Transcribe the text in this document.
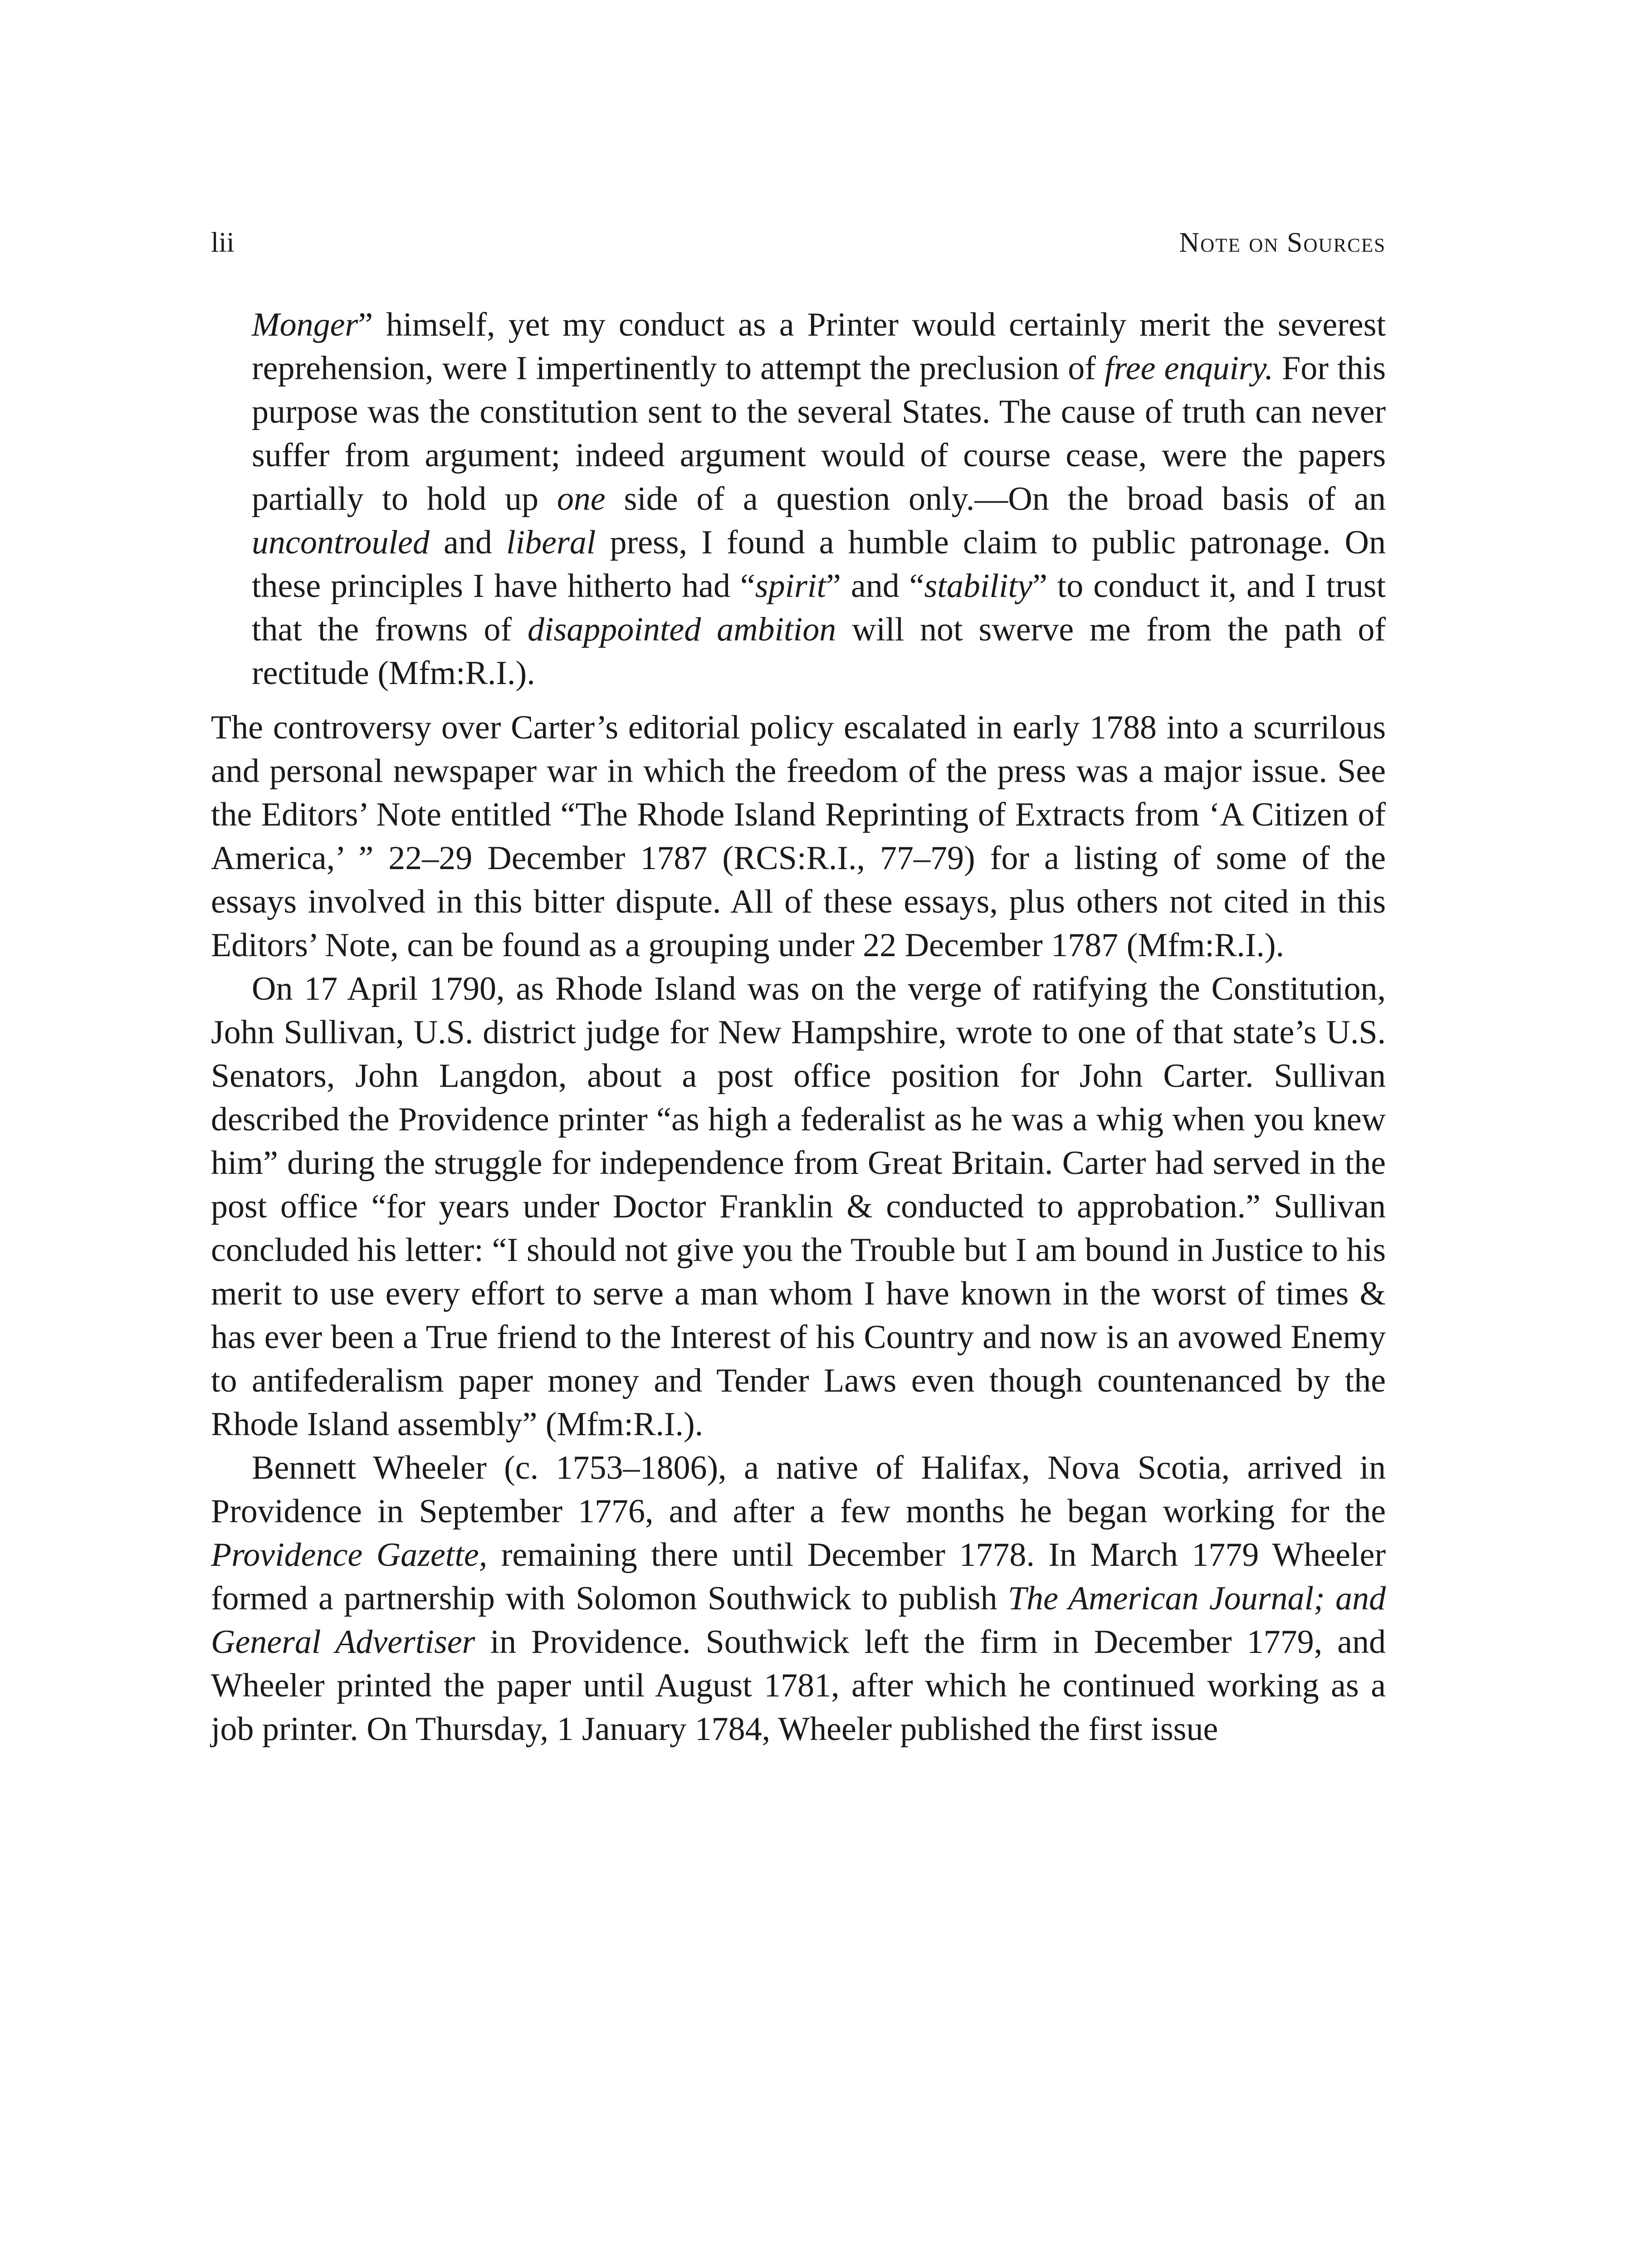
lii	Note on Sources

Monger” himself, yet my conduct as a Printer would certainly merit the severest reprehension, were I impertinently to attempt the preclusion of free enquiry. For this purpose was the constitution sent to the several States. The cause of truth can never suffer from argument; indeed argument would of course cease, were the papers partially to hold up one side of a question only.—On the broad basis of an uncontrouled and liberal press, I found a humble claim to public patronage. On these principles I have hitherto had “spirit” and “stability” to conduct it, and I trust that the frowns of disappointed ambition will not swerve me from the path of rectitude (Mfm:R.I.).

The controversy over Carter’s editorial policy escalated in early 1788 into a scurrilous and personal newspaper war in which the freedom of the press was a major issue. See the Editors’ Note entitled “The Rhode Island Reprinting of Extracts from ‘A Citizen of America,’ ” 22–29 December 1787 (RCS:R.I., 77–79) for a listing of some of the essays involved in this bitter dispute. All of these essays, plus others not cited in this Editors’ Note, can be found as a grouping under 22 December 1787 (Mfm:R.I.).

On 17 April 1790, as Rhode Island was on the verge of ratifying the Constitution, John Sullivan, U.S. district judge for New Hampshire, wrote to one of that state’s U.S. Senators, John Langdon, about a post office position for John Carter. Sullivan described the Providence printer “as high a federalist as he was a whig when you knew him” during the struggle for independence from Great Britain. Carter had served in the post office “for years under Doctor Franklin & conducted to approbation.” Sullivan concluded his letter: “I should not give you the Trouble but I am bound in Justice to his merit to use every effort to serve a man whom I have known in the worst of times & has ever been a True friend to the Interest of his Country and now is an avowed Enemy to antifederalism paper money and Tender Laws even though countenanced by the Rhode Island assembly” (Mfm:R.I.).

Bennett Wheeler (c. 1753–1806), a native of Halifax, Nova Scotia, arrived in Providence in September 1776, and after a few months he began working for the Providence Gazette, remaining there until December 1778. In March 1779 Wheeler formed a partnership with Solomon Southwick to publish The American Journal; and General Advertiser in Providence. Southwick left the firm in December 1779, and Wheeler printed the paper until August 1781, after which he continued working as a job printer. On Thursday, 1 January 1784, Wheeler published the first issue
